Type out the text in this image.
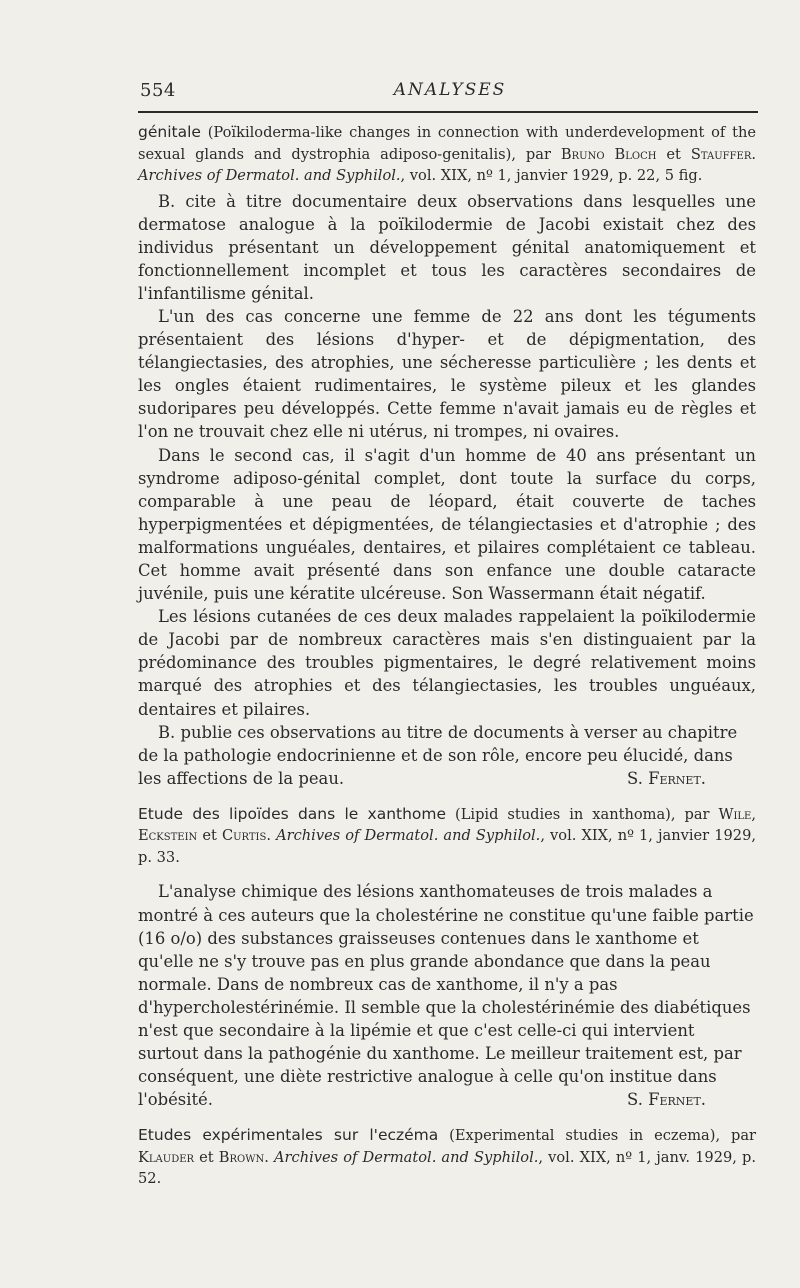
554	ANALYSES

génitale (Poïkiloderma-like changes in connection with underdevelopment of the sexual glands and dystrophia adiposo-genitalis), par Bruno Bloch et Stauffer. Archives of Dermatol. and Syphilol., vol. XIX, nº 1, janvier 1929, p. 22, 5 fig.

B. cite à titre documentaire deux observations dans lesquelles une dermatose analogue à la poïkilodermie de Jacobi existait chez des individus présentant un développement génital anatomiquement et fonctionnellement incomplet et tous les caractères secondaires de l'infantilisme génital.

L'un des cas concerne une femme de 22 ans dont les téguments présentaient des lésions d'hyper- et de dépigmentation, des télangiectasies, des atrophies, une sécheresse particulière ; les dents et les ongles étaient rudimentaires, le système pileux et les glandes sudoripares peu développés. Cette femme n'avait jamais eu de règles et l'on ne trouvait chez elle ni utérus, ni trompes, ni ovaires.

Dans le second cas, il s'agit d'un homme de 40 ans présentant un syndrome adiposo-génital complet, dont toute la surface du corps, comparable à une peau de léopard, était couverte de taches hyperpigmentées et dépigmentées, de télangiectasies et d'atrophie ; des malformations unguéales, dentaires, et pilaires complétaient ce tableau. Cet homme avait présenté dans son enfance une double cataracte juvénile, puis une kératite ulcéreuse. Son Wassermann était négatif.

Les lésions cutanées de ces deux malades rappelaient la poïkilodermie de Jacobi par de nombreux caractères mais s'en distinguaient par la prédominance des troubles pigmentaires, le degré relativement moins marqué des atrophies et des télangiectasies, les troubles unguéaux, dentaires et pilaires.

B. publie ces observations au titre de documents à verser au chapitre de la pathologie endocrinienne et de son rôle, encore peu élucidé, dans les affections de la peau.	S. Fernet.

Etude des lipoïdes dans le xanthome (Lipid studies in xanthoma), par Wile, Eckstein et Curtis. Archives of Dermatol. and Syphilol., vol. XIX, nº 1, janvier 1929, p. 33.

L'analyse chimique des lésions xanthomateuses de trois malades a montré à ces auteurs que la cholestérine ne constitue qu'une faible partie (16 o/o) des substances graisseuses contenues dans le xanthome et qu'elle ne s'y trouve pas en plus grande abondance que dans la peau normale. Dans de nombreux cas de xanthome, il n'y a pas d'hypercholestérinémie. Il semble que la cholestérinémie des diabétiques n'est que secondaire à la lipémie et que c'est celle-ci qui intervient surtout dans la pathogénie du xanthome. Le meilleur traitement est, par conséquent, une diète restrictive analogue à celle qu'on institue dans l'obésité.	S. Fernet.

Etudes expérimentales sur l'eczéma (Experimental studies in eczema), par Klauder et Brown. Archives of Dermatol. and Syphilol., vol. XIX, nº 1, janv. 1929, p. 52.
